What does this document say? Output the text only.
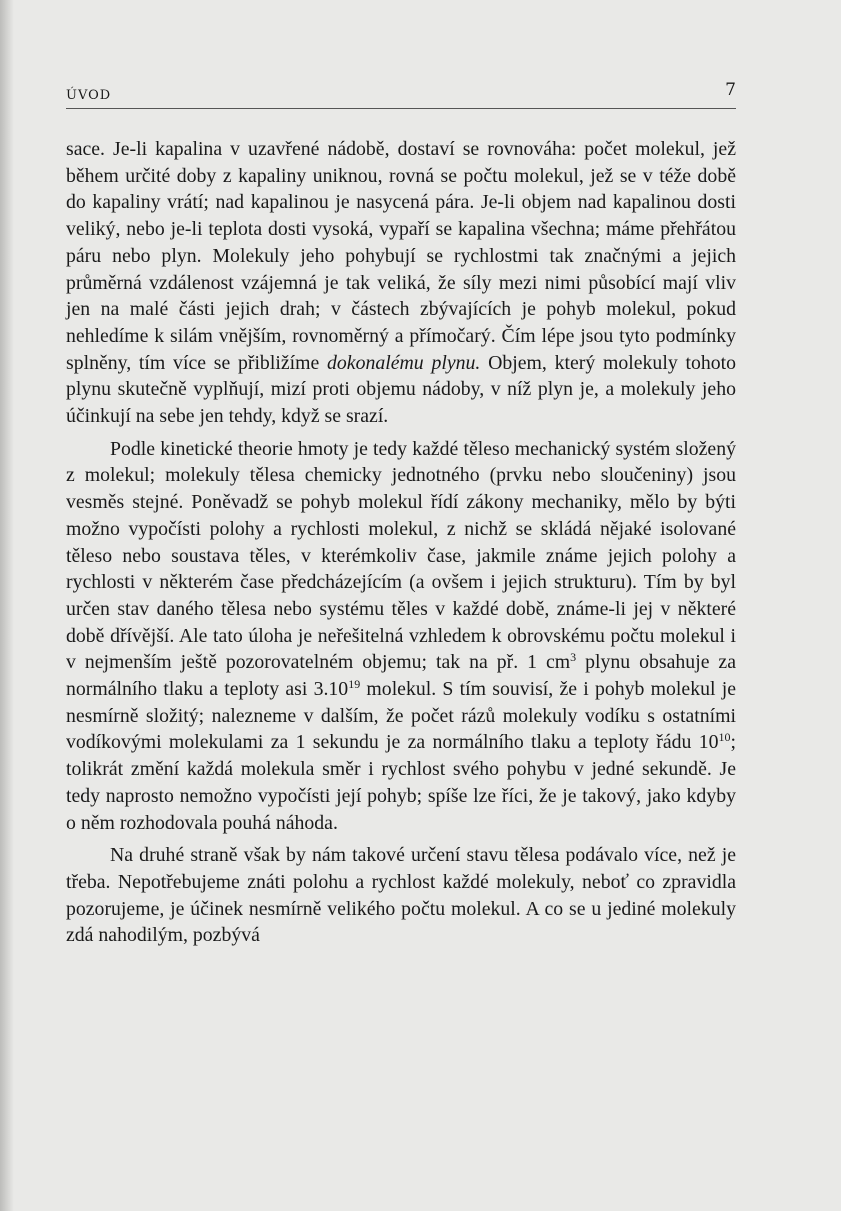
ÚVOD	7

sace. Je-li kapalina v uzavřené nádobě, dostaví se rovnováha: počet molekul, jež během určité doby z kapaliny uniknou, rovná se počtu molekul, jež se v téže době do kapaliny vrátí; nad kapalinou je nasycená pára. Je-li objem nad kapalinou dosti veliký, nebo je-li teplota dosti vysoká, vypaří se kapalina všechna; máme přehřátou páru nebo plyn. Molekuly jeho pohybují se rychlostmi tak značnými a jejich průměrná vzdálenost vzájemná je tak veliká, že síly mezi nimi působící mají vliv jen na malé části jejich drah; v částech zbývajících je pohyb molekul, pokud nehledíme k silám vnějším, rovnoměrný a přímočarý. Čím lépe jsou tyto podmínky splněny, tím více se přibližíme dokonalému plynu. Objem, který molekuly tohoto plynu skutečně vyplňují, mizí proti objemu nádoby, v níž plyn je, a molekuly jeho účinkují na sebe jen tehdy, když se srazí.

Podle kinetické theorie hmoty je tedy každé těleso mechanický systém složený z molekul; molekuly tělesa chemicky jednotného (prvku nebo sloučeniny) jsou vesměs stejné. Poněvadž se pohyb molekul řídí zákony mechaniky, mělo by býti možno vypočísti polohy a rychlosti molekul, z nichž se skládá nějaké isolované těleso nebo soustava těles, v kterémkoliv čase, jakmile známe jejich polohy a rychlosti v některém čase předcházejícím (a ovšem i jejich strukturu). Tím by byl určen stav daného tělesa nebo systému těles v každé době, známe-li jej v některé době dřívější. Ale tato úloha je neřešitelná vzhledem k obrovskému počtu molekul i v nejmenším ještě pozorovatelném objemu; tak na př. 1 $cm^3$ plynu obsahuje za normálního tlaku a teploty asi 3.10$^{19}$ molekul. S tím souvisí, že i pohyb molekul je nesmírně složitý; nalezneme v dalším, že počet rázů molekuly vodíku s ostatními vodíkovými molekulami za 1 sekundu je za normálního tlaku a teploty řádu $10^{10}$; tolikrát změní každá molekula směr i rychlost svého pohybu v jedné sekundě. Je tedy naprosto nemožno vypočísti její pohyb; spíše lze říci, že je takový, jako kdyby o něm rozhodovala pouhá náhoda.

Na druhé straně však by nám takové určení stavu tělesa podávalo více, než je třeba. Nepotřebujeme znáti polohu a rychlost každé molekuly, neboť co zpravidla pozorujeme, je účinek nesmírně velikého počtu molekul. A co se u jediné molekuly zdá nahodilým, pozbývá
